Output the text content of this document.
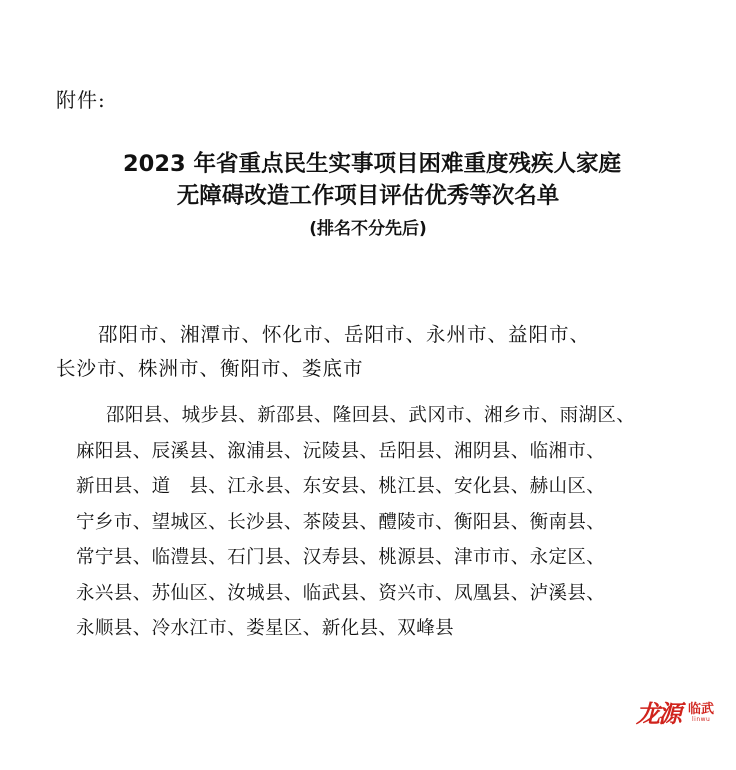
附件:
2023 年省重点民生实事项目困难重度残疾人家庭
无障碍改造工作项目评估优秀等次名单
(排名不分先后)
邵阳市、湘潭市、怀化市、岳阳市、永州市、益阳市、
长沙市、株洲市、衡阳市、娄底市
邵阳县、城步县、新邵县、隆回县、武冈市、湘乡市、雨湖区、
麻阳县、辰溪县、溆浦县、沅陵县、岳阳县、湘阴县、临湘市、
新田县、道　县、江永县、东安县、桃江县、安化县、赫山区、
宁乡市、望城区、长沙县、茶陵县、醴陵市、衡阳县、衡南县、
常宁县、临澧县、石门县、汉寿县、桃源县、津市市、永定区、
永兴县、苏仙区、汝城县、临武县、资兴市、凤凰县、泸溪县、
永顺县、冷水江市、娄星区、新化县、双峰县
龙源 临武
linwu
